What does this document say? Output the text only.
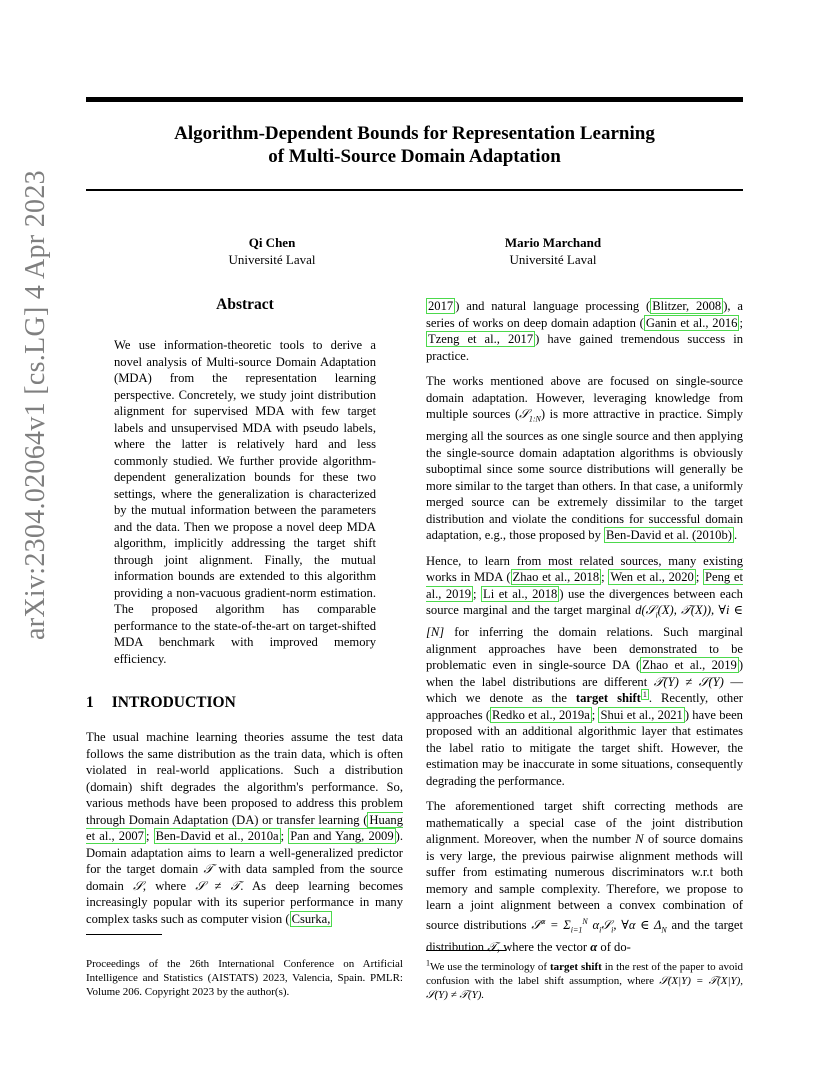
Algorithm-Dependent Bounds for Representation Learning
of Multi-Source Domain Adaptation
Qi Chen
Université Laval
Mario Marchand
Université Laval
arXiv:2304.02064v1 [cs.LG] 4 Apr 2023	Abstract
We use information-theoretic tools to derive a novel analysis of Multi-source Domain Adaptation (MDA) from the representation learning perspective. Concretely, we study joint distribution alignment for supervised MDA with few target labels and unsupervised MDA with pseudo labels, where the latter is relatively hard and less commonly studied. We further provide algorithm-dependent generalization bounds for these two settings, where the generalization is characterized by the mutual information between the parameters and the data. Then we propose a novel deep MDA algorithm, implicitly addressing the target shift through joint alignment. Finally, the mutual information bounds are extended to this algorithm providing a non-vacuous gradient-norm estimation. The proposed algorithm has comparable performance to the state-of-the-art on target-shifted MDA benchmark with improved memory efficiency.
1 INTRODUCTION
The usual machine learning theories assume the test data follows the same distribution as the train data, which is often violated in real-world applications. Such a distribution (domain) shift degrades the algorithm's performance. So, various methods have been proposed to address this problem through Domain Adaptation (DA) or transfer learning ( Huang et al., 2007 ; Ben-David et al., 2010a ; Pan and Yang, 2009 ). Domain adaptation aims to learn a well-generalized predictor for the target domain 𝒯 with data sampled from the source domain 𝒮, where 𝒮 ≠ 𝒯. As deep learning becomes increasingly popular with its superior performance in many complex tasks such as computer vision ( Csurka,

2017 ) and natural language processing ( Blitzer, 2008 ), a series of works on deep domain adaption ( Ganin et al., 2016 ; Tzeng et al., 2017 ) have gained tremendous success in practice.

The works mentioned above are focused on single-source domain adaptation. However, leveraging knowledge from multiple sources (𝒮$_{1:N}$) is more attractive in practice. Simply merging all the sources as one single source and then applying the single-source domain adaptation algorithms is obviously suboptimal since some source distributions will generally be more similar to the target than others. In that case, a uniformly merged source can be extremely dissimilar to the target distribution and violate the conditions for successful domain adaptation, e.g., those proposed by Ben-David et al. (2010b) .

Hence, to learn from most related sources, many existing works in MDA ( Zhao et al., 2018 ; Wen et al., 2020 ; Peng et al., 2019 ; Li et al., 2018 ) use the divergences between each source marginal and the target marginal d(𝒮$_i$(X), 𝒯(X)), ∀i ∈ [N] for inferring the domain relations. Such marginal alignment approaches have been demonstrated to be problematic even in single-source DA ( Zhao et al., 2019 ) when the label distributions are different 𝒯(Y) ≠ 𝒮(Y) — which we denote as the target shift $^1$ . Recently, other approaches ( Redko et al., 2019a ; Shui et al., 2021 ) have been proposed with an additional algorithmic layer that estimates the label ratio to mitigate the target shift. However, the estimation may be inaccurate in some situations, consequently degrading the performance.

The aforementioned target shift correcting methods are mathematically a special case of the joint distribution alignment. Moreover, when the number N of source domains is very large, the previous pairwise alignment methods will suffer from estimating numerous discriminators w.r.t both memory and sample complexity. Therefore, we propose to learn a joint alignment between a convex combination of source distributions 𝒮$^\alpha$ = $\Sigma_{i=1}^N$ $\alpha_i𝒮_i$, ∀α ∈ $\Delta_N$ and the target distribution 𝒯, where the vector α of do-

Proceedings of the 26th International Conference on Artificial Intelligence and Statistics (AISTATS) 2023, Valencia, Spain. PMLR: Volume 206. Copyright 2023 by the author(s).
$^1$We use the terminology of target shift in the rest of the paper to avoid confusion with the label shift assumption, where 𝒮(X|Y) = 𝒯(X|Y), 𝒮(Y) ≠ 𝒯(Y).
